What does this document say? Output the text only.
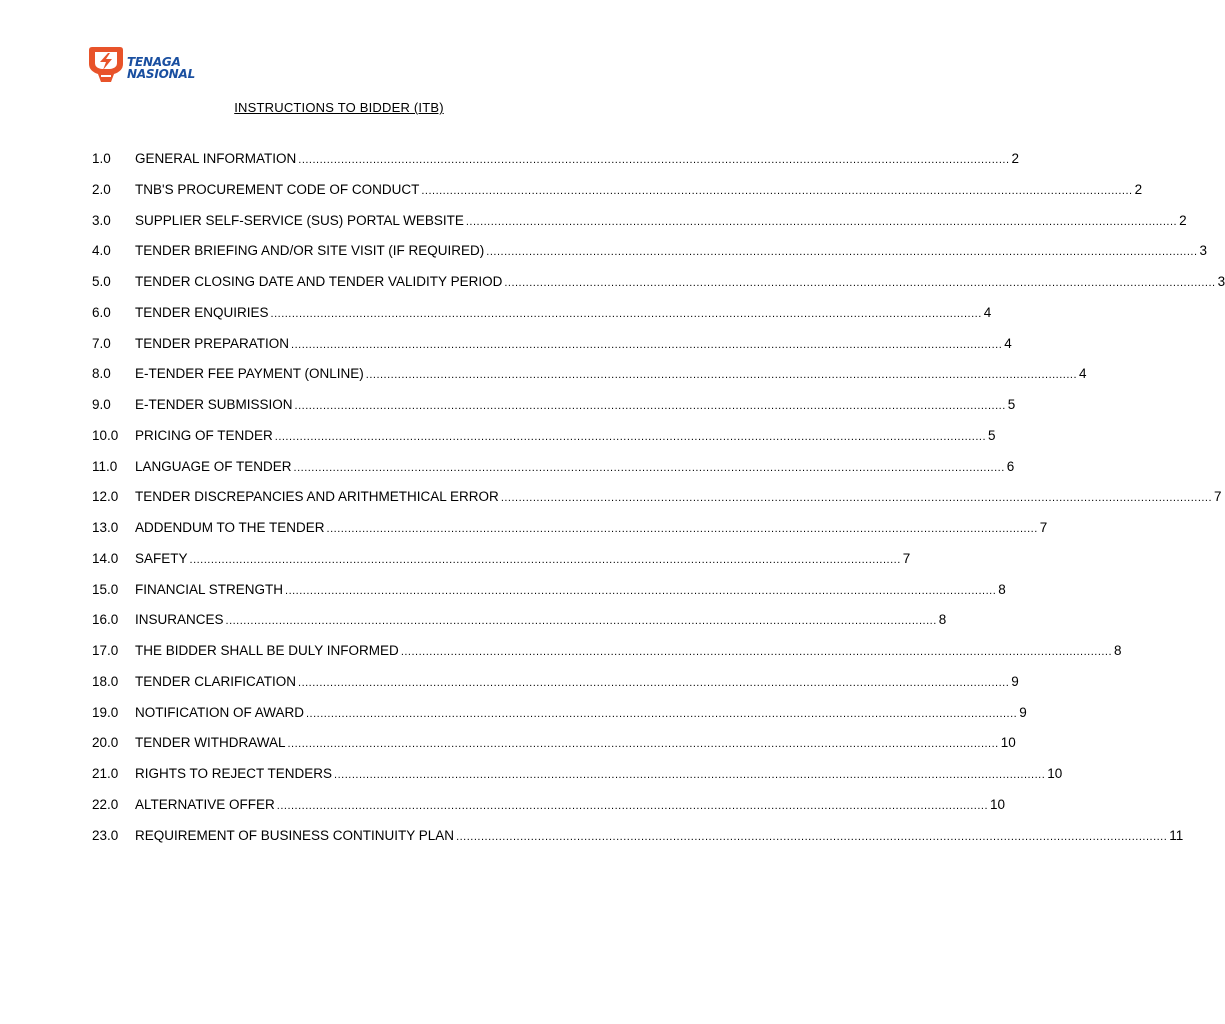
TENAGA
NASIONAL
INSTRUCTIONS TO BIDDER (ITB)
1.0	GENERAL INFORMATION ........................................................................................................................................................................................................ 2
2.0	TNB'S PROCUREMENT CODE OF CONDUCT ........................................................................................................................................................................................................ 2
3.0	SUPPLIER SELF-SERVICE (SUS) PORTAL WEBSITE ........................................................................................................................................................................................................ 2
4.0	TENDER BRIEFING AND/OR SITE VISIT (IF REQUIRED) ........................................................................................................................................................................................................ 3
5.0	TENDER CLOSING DATE AND TENDER VALIDITY PERIOD ........................................................................................................................................................................................................ 3
6.0	TENDER ENQUIRIES ........................................................................................................................................................................................................ 4
7.0	TENDER PREPARATION ........................................................................................................................................................................................................ 4
8.0	E-TENDER FEE PAYMENT (ONLINE) ........................................................................................................................................................................................................ 4
9.0	E-TENDER SUBMISSION ........................................................................................................................................................................................................ 5
10.0	PRICING OF TENDER ........................................................................................................................................................................................................ 5
11.0	LANGUAGE OF TENDER ........................................................................................................................................................................................................ 6
12.0	TENDER DISCREPANCIES AND ARITHMETHICAL ERROR ........................................................................................................................................................................................................ 7
13.0	ADDENDUM TO THE TENDER ........................................................................................................................................................................................................ 7
14.0	SAFETY ........................................................................................................................................................................................................ 7
15.0	FINANCIAL STRENGTH ........................................................................................................................................................................................................ 8
16.0	INSURANCES ........................................................................................................................................................................................................ 8
17.0	THE BIDDER SHALL BE DULY INFORMED ........................................................................................................................................................................................................ 8
18.0	TENDER CLARIFICATION ........................................................................................................................................................................................................ 9
19.0	NOTIFICATION OF AWARD ........................................................................................................................................................................................................ 9
20.0	TENDER WITHDRAWAL ........................................................................................................................................................................................................ 10
21.0	RIGHTS TO REJECT TENDERS ........................................................................................................................................................................................................ 10
22.0	ALTERNATIVE OFFER ........................................................................................................................................................................................................ 10
23.0	REQUIREMENT OF BUSINESS CONTINUITY PLAN ........................................................................................................................................................................................................ 11
